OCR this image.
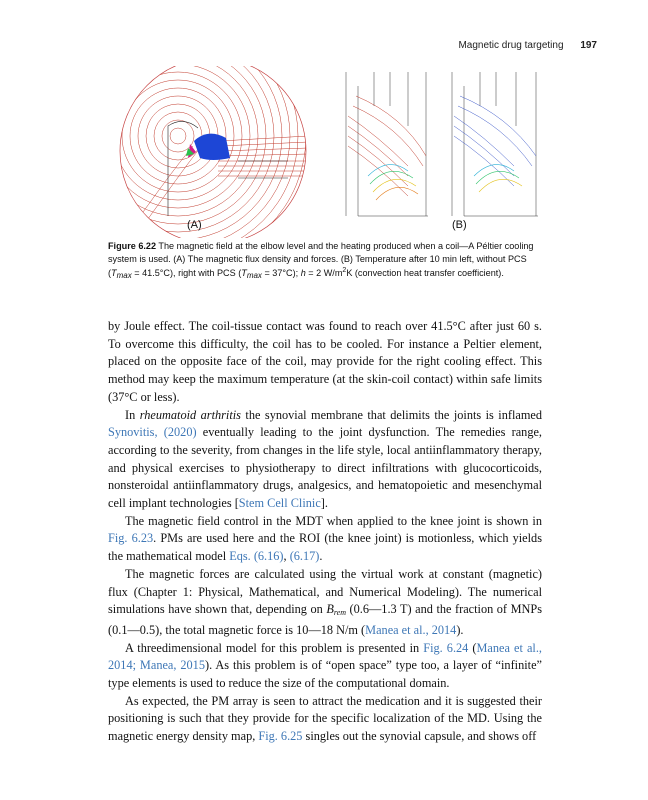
Magnetic drug targeting 197
(A)	(B)
Figure 6.22 The magnetic field at the elbow level and the heating produced when a coil—A Péltier cooling system is used. (A) The magnetic flux density and forces. (B) Temperature after 10 min left, without PCS (Tmax = 41.5°C), right with PCS (Tmax = 37°C); h = 2 $W/m^2K$ (convection heat transfer coefficient).

by Joule effect. The coil-tissue contact was found to reach over 41.5°C after just 60 s. To overcome this difficulty, the coil has to be cooled. For instance a Peltier element, placed on the opposite face of the coil, may provide for the right cooling effect. This method may keep the maximum temperature (at the skin-coil contact) within safe limits (37°C or less).

In rheumatoid arthritis the synovial membrane that delimits the joints is inflamed Synovitis, (2020) eventually leading to the joint dysfunction. The remedies range, according to the severity, from changes in the life style, local antiinflammatory therapy, and physical exercises to physiotherapy to direct infiltrations with glucocorticoids, nonsteroidal antiinflammatory drugs, analgesics, and hematopoietic and mesenchymal cell implant technologies [Stem Cell Clinic].

The magnetic field control in the MDT when applied to the knee joint is shown in Fig. 6.23. PMs are used here and the ROI (the knee joint) is motionless, which yields the mathematical model Eqs. (6.16), (6.17).

The magnetic forces are calculated using the virtual work at constant (magnetic) flux (Chapter 1: Physical, Mathematical, and Numerical Modeling). The numerical simulations have shown that, depending on $B_{rem}$ (0.6—1.3 T) and the fraction of MNPs (0.1—0.5), the total magnetic force is 10—18 N/m (Manea et al., 2014).

A threedimensional model for this problem is presented in Fig. 6.24 (Manea et al., 2014; Manea, 2015). As this problem is of “open space” type too, a layer of “infinite” type elements is used to reduce the size of the computational domain.

As expected, the PM array is seen to attract the medication and it is suggested their positioning is such that they provide for the specific localization of the MD. Using the magnetic energy density map, Fig. 6.25 singles out the synovial capsule, and shows off
